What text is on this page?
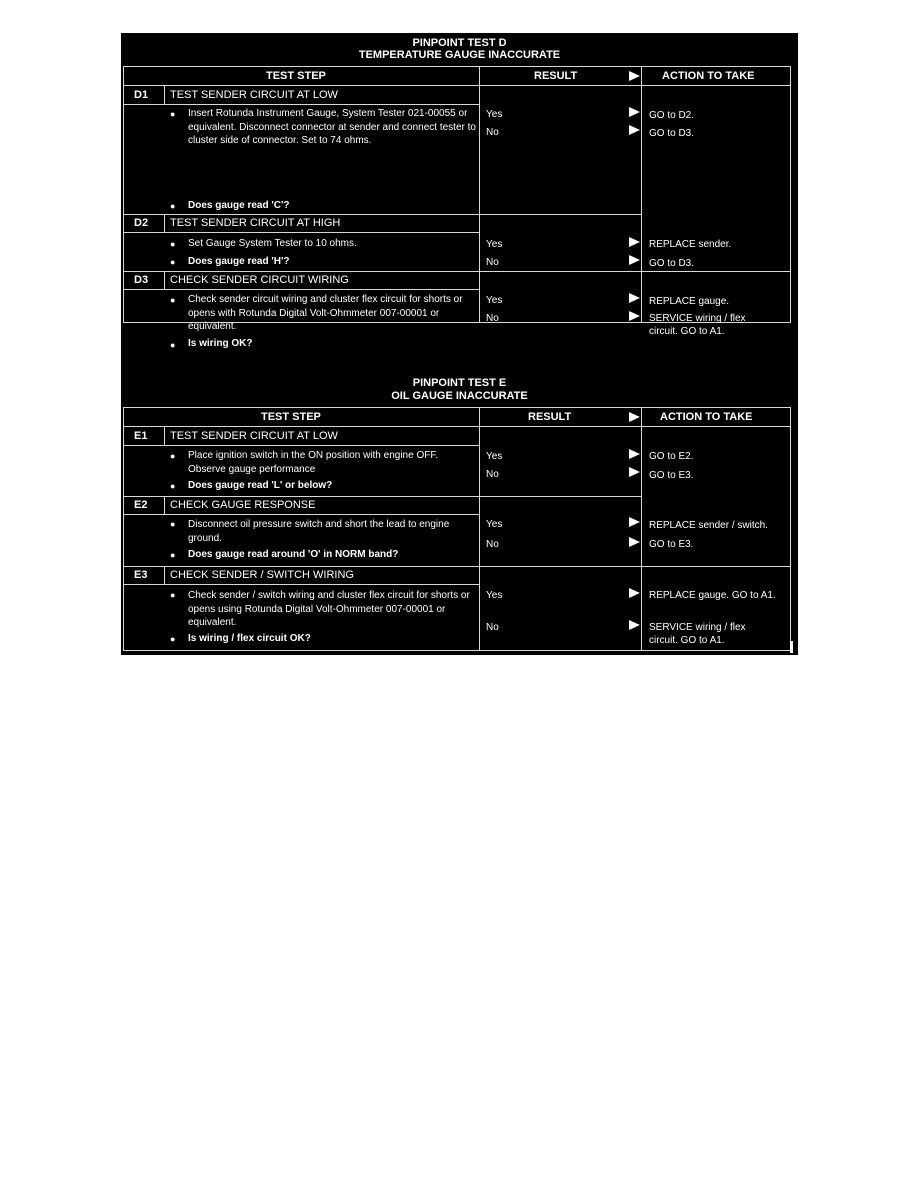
PINPOINT TEST D
TEMPERATURE GAUGE INACCURATE
TEST STEP	RESULT	ACTION TO TAKE
D1 TEST SENDER CIRCUIT AT LOW
● Insert Rotunda Instrument Gauge, System Tester 021-00055 or equivalent. Disconnect connector at sender and connect tester to cluster side of connector. Set to 74 ohms.
● Does gauge read 'C'?
Yes	GO to D2.
No	GO to D3.
D2 TEST SENDER CIRCUIT AT HIGH
● Set Gauge System Tester to 10 ohms.
● Does gauge read 'H'?
Yes	REPLACE sender.
No	GO to D3.
D3 CHECK SENDER CIRCUIT WIRING
● Check sender circuit wiring and cluster flex circuit for shorts or opens with Rotunda Digital Volt-Ohmmeter 007-00001 or equivalent.
● Is wiring OK?
Yes	REPLACE gauge.
No	SERVICE wiring / flex circuit. GO to A1.
PINPOINT TEST E
OIL GAUGE INACCURATE
TEST STEP	RESULT	ACTION TO TAKE
E1 TEST SENDER CIRCUIT AT LOW
● Place ignition switch in the ON position with engine OFF. Observe gauge performance
● Does gauge read 'L' or below?
Yes	GO to E2.
No	GO to E3.
E2 CHECK GAUGE RESPONSE
● Disconnect oil pressure switch and short the lead to engine ground.
● Does gauge read around 'O' in NORM band?
Yes	REPLACE sender / switch.
No	GO to E3.
E3 CHECK SENDER / SWITCH WIRING
● Check sender / switch wiring and cluster flex circuit for shorts or opens using Rotunda Digital Volt-Ohmmeter 007-00001 or equivalent.
● Is wiring / flex circuit OK?
Yes	REPLACE gauge. GO to A1.
No	SERVICE wiring / flex circuit. GO to A1.
